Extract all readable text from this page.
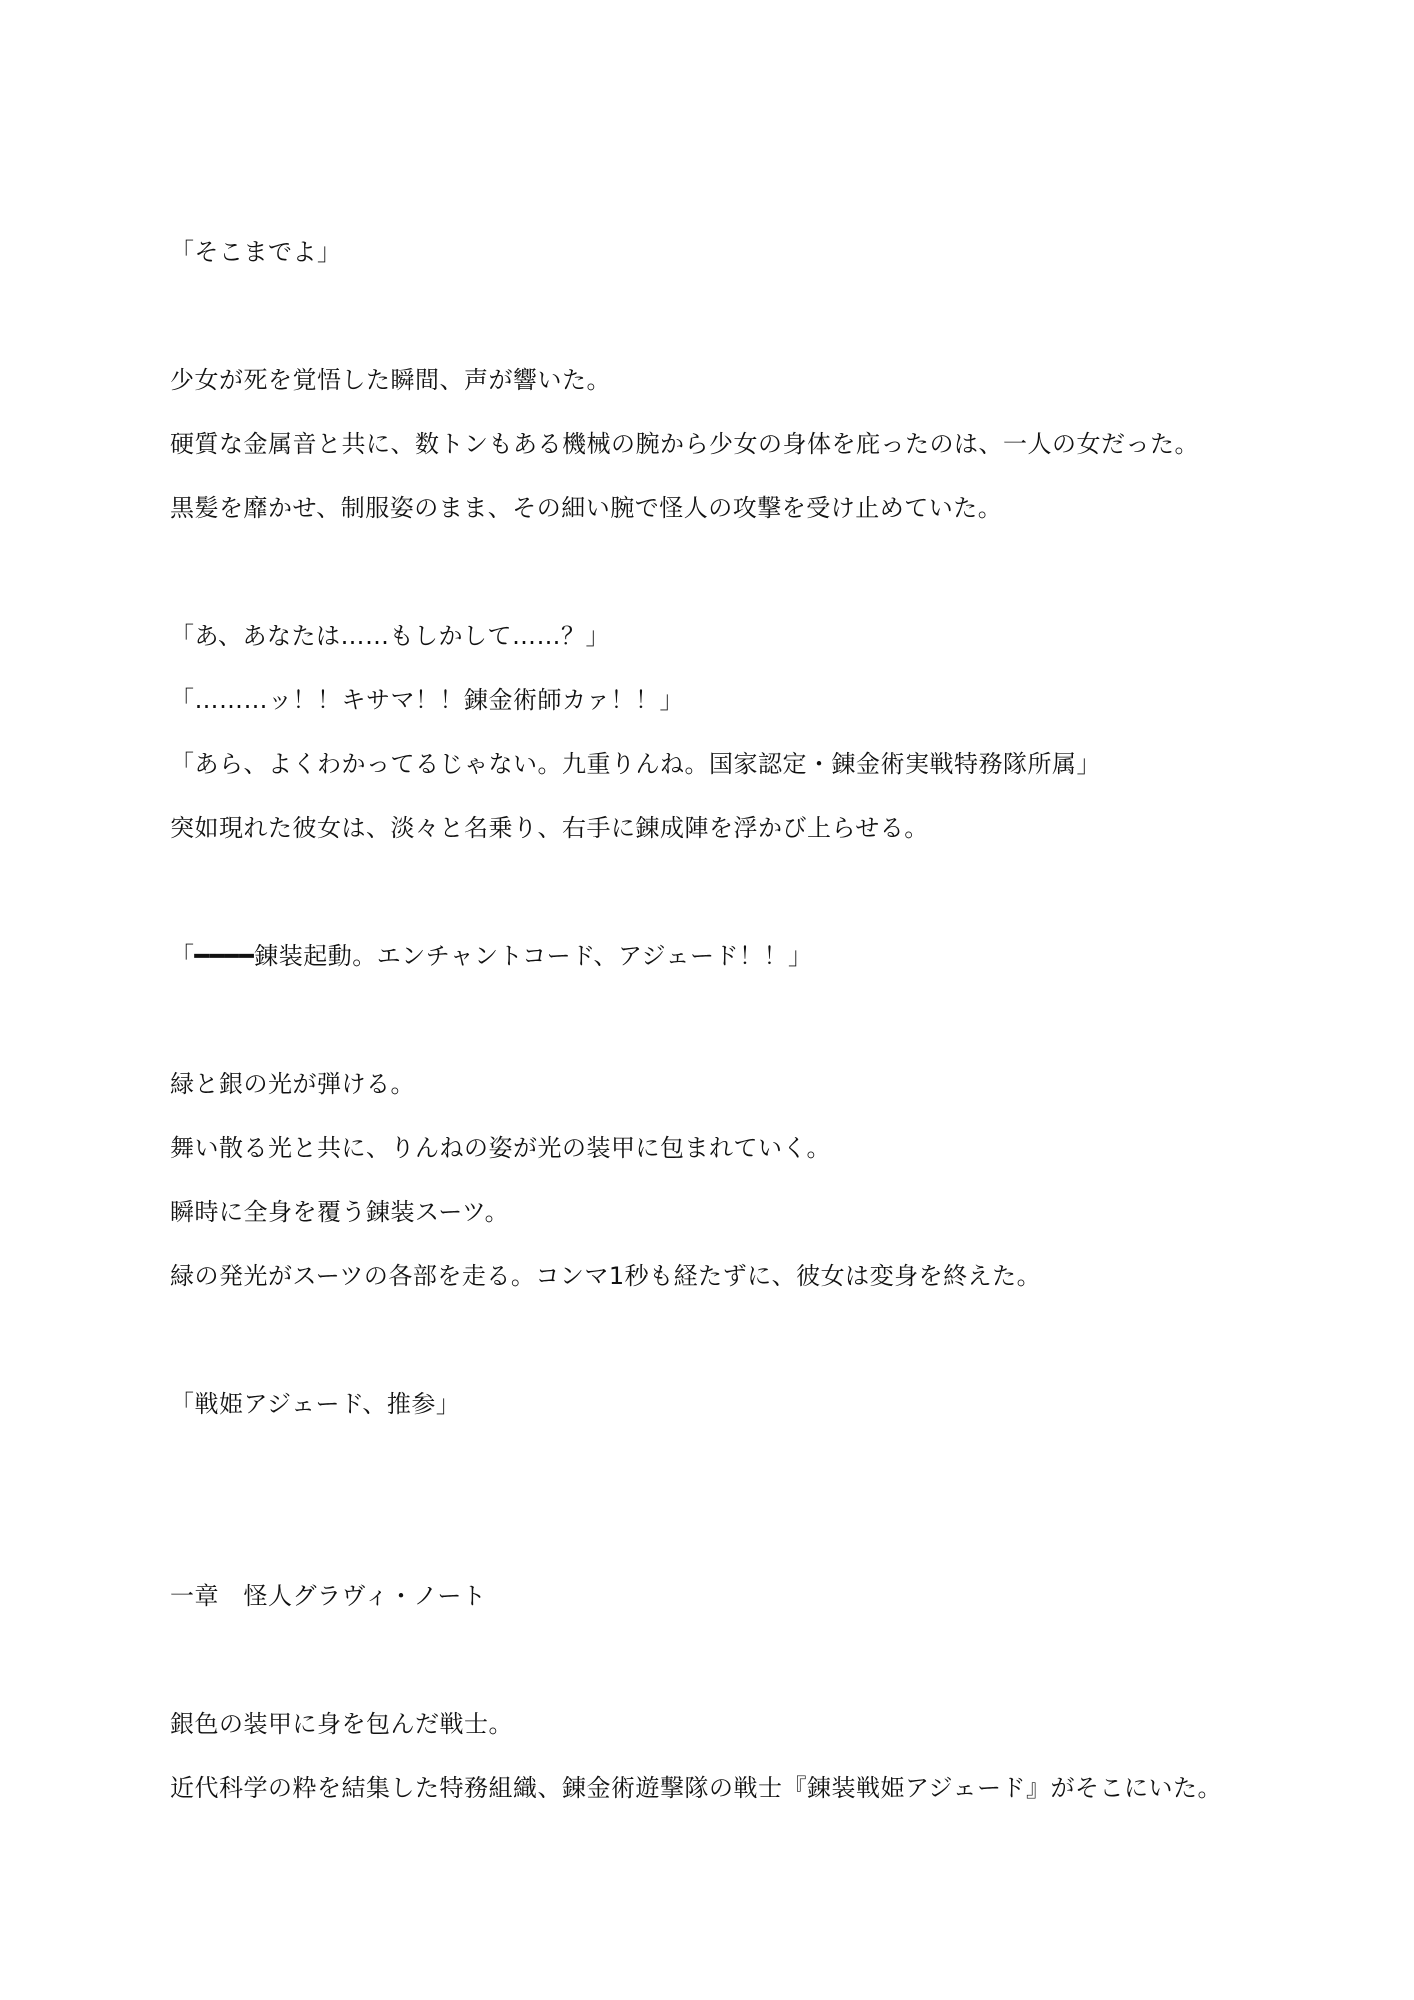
「そこまでよ」
少女が死を覚悟した瞬間、声が響いた。
硬質な金属音と共に、数トンもある機械の腕から少女の身体を庇ったのは、一人の女だった。
黒髪を靡かせ、制服姿のまま、その細い腕で怪人の攻撃を受け止めていた。
「あ、あなたは……もしかして……？」
「………ッ！！キサマ！！錬金術師カァ！！」
「あら、よくわかってるじゃない。九重りんね。国家認定・錬金術実戦特務隊所属」
突如現れた彼女は、淡々と名乗り、右手に錬成陣を浮かび上らせる。
「━━━━錬装起動。エンチャントコード、アジェード！！」
緑と銀の光が弾ける。
舞い散る光と共に、りんねの姿が光の装甲に包まれていく。
瞬時に全身を覆う錬装スーツ。
緑の発光がスーツの各部を走る。コンマ1秒も経たずに、彼女は変身を終えた。
「戦姫アジェード、推参」
一章　怪人グラヴィ・ノート
銀色の装甲に身を包んだ戦士。
近代科学の粋を結集した特務組織、錬金術遊撃隊の戦士『錬装戦姫アジェード』がそこにいた。
